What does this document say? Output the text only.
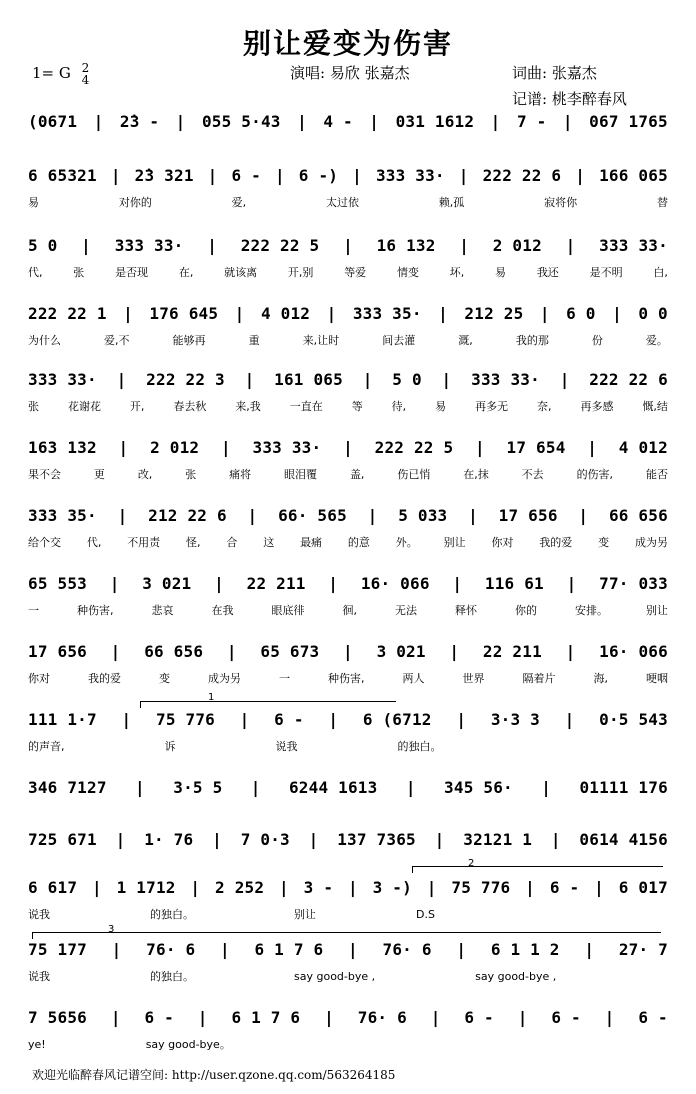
别让爱变为伤害
1= G 2
4	演唱: 易欣 张嘉杰	词曲: 张嘉杰
记谱: 桃李醉春风
(0671 | 2̇3 - | 055 5·43 | 4 - | 031 1612 | 7 - | 067 1765
6 65321 | 2̇3 321 | 6 - | 6 -) | 333 33· | 222 22 6 | 166 065
易	对你的	爱,	太过依	赖,孤	寂将你	替
5 0 | 333 33· | 222 22 5 | 16 132 | 2 012 | 333 33·
代,	张	是否现	在,	就该离	开,别	等爱	情变	坏,	易	我还	是不明	白,
222 22 1 | 176 645 | 4 012 | 333 35· | 212 25 | 6 0 | 0 0
为什么	爱,不	能够再	重	来,让时	间去灌	溉,	我的那	份	爱。
333 33· | 222 22 3 | 161 065 | 5 0 | 333 33· | 222 22 6
张	花谢花	开,	春去秋	来,我	一直在	等	待,	易	再多无	奈,	再多感	慨,结
163 132 | 2 012 | 333 33· | 222 22 5 | 17 654 | 4 012
果不会	更	改,	张	痛将	眼泪覆	盖,	伤已悄	在,抹	不去	的伤害,	能否
333 35· | 212 22 6 | 66· 565 | 5 033 | 17 656 | 66 656
给个交 代, 不用责 怪, 合 这 最痛 的意 外。 别让 你对 我的爱 变 成为另
65 553 | 3 021 | 22 211 | 16· 066 | 116 61 | 77· 033
一	种伤害,	悲哀	在我	眼底徘	徊,	无法	释怀	你的	安排。	别让
17 656 | 66 656 | 65 673 | 3 021 | 22 211 | 16· 066
你对	我的爱	变	成为另	一	种伤害,	两人	世界	隔着片	海,	哽咽
111 1·7 | 75 776 | 6 - | 6 (6712 | 3·3 3 | 0·5 543
的声音,	诉	说我	的独白。
346 7127 | 3·5 5 | 6244 1613 | 345 56· | 01111 176
725 671 | 1· 76 | 7 0·3 | 137 7365 | 32121 1 | 0614 4156
6 617 | 1 1712 | 2 252 | 3 - | 3 -) | 75 776 | 6 - | 6 017
说我	的独白。	别让	D.S
75 177 | 76· 6 | 6 1 7 6 | 76· 6 | 6 1 1 2 | 27· 7
说我	的独白。	say good-bye ,	say good-bye ,
7 5656 | 6 - | 6 1 7 6 | 76· 6 | 6 - | 6 - | 6 -
ye!	say good-bye。
1
2
3
欢迎光临醉春风记谱空间: http://user.qzone.qq.com/563264185
